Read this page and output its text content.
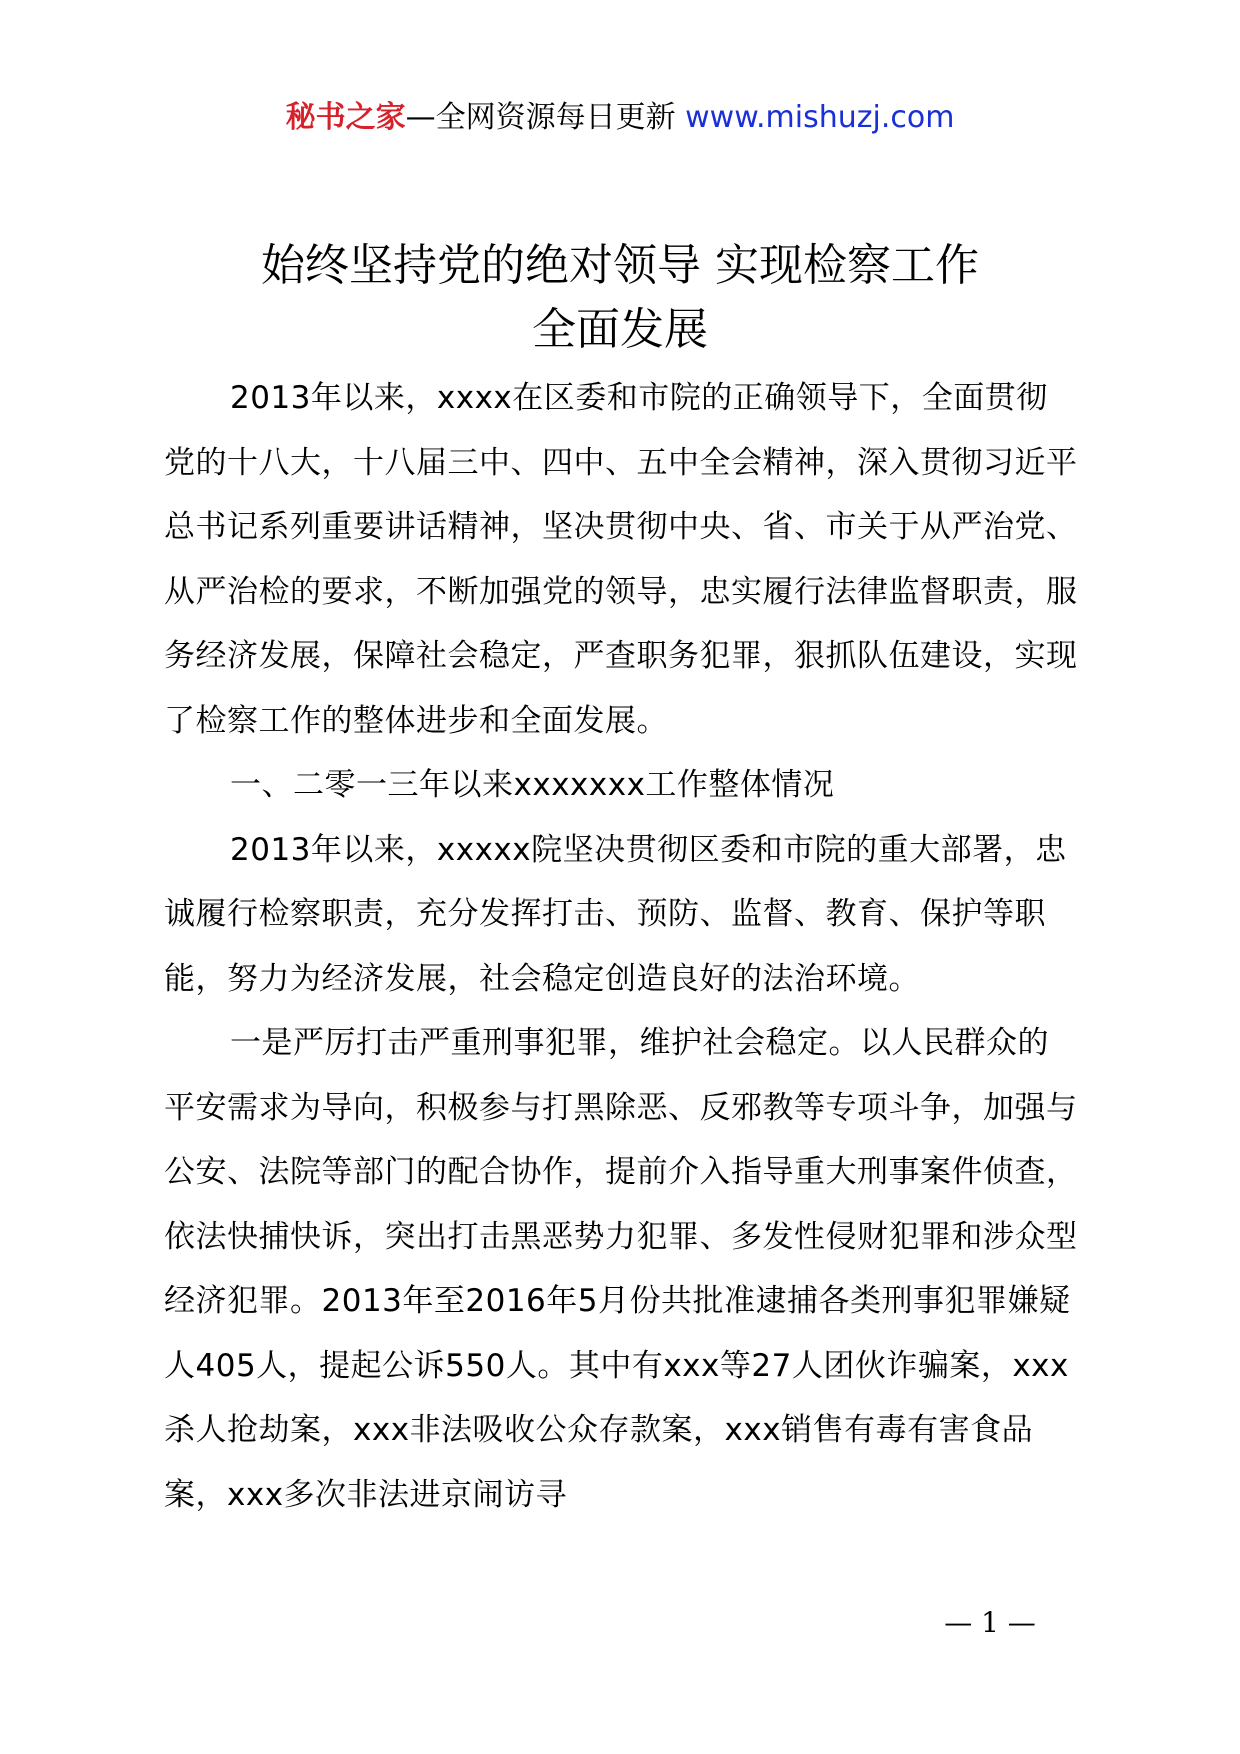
秘书之家—全网资源每日更新 www.mishuzj.com
始终坚持党的绝对领导 实现检察工作
全面发展

2013年以来，xxxx在区委和市院的正确领导下，全面贯彻党的十八大，十八届三中、四中、五中全会精神，深入贯彻习近平总书记系列重要讲话精神，坚决贯彻中央、省、市关于从严治党、从严治检的要求，不断加强党的领导，忠实履行法律监督职责，服务经济发展，保障社会稳定，严查职务犯罪，狠抓队伍建设，实现了检察工作的整体进步和全面发展。

一、二零一三年以来xxxxxxx工作整体情况

2013年以来，xxxxx院坚决贯彻区委和市院的重大部署，忠诚履行检察职责，充分发挥打击、预防、监督、教育、保护等职能，努力为经济发展，社会稳定创造良好的法治环境。

一是严厉打击严重刑事犯罪，维护社会稳定。以人民群众的平安需求为导向，积极参与打黑除恶、反邪教等专项斗争，加强与公安、法院等部门的配合协作，提前介入指导重大刑事案件侦查，依法快捕快诉，突出打击黑恶势力犯罪、多发性侵财犯罪和涉众型经济犯罪。2013年至2016年5月份共批准逮捕各类刑事犯罪嫌疑人405人，提起公诉550人。其中有xxx等27人团伙诈骗案，xxx杀人抢劫案，xxx非法吸收公众存款案，xxx销售有毒有害食品案，xxx多次非法进京闹访寻

— 1 —
